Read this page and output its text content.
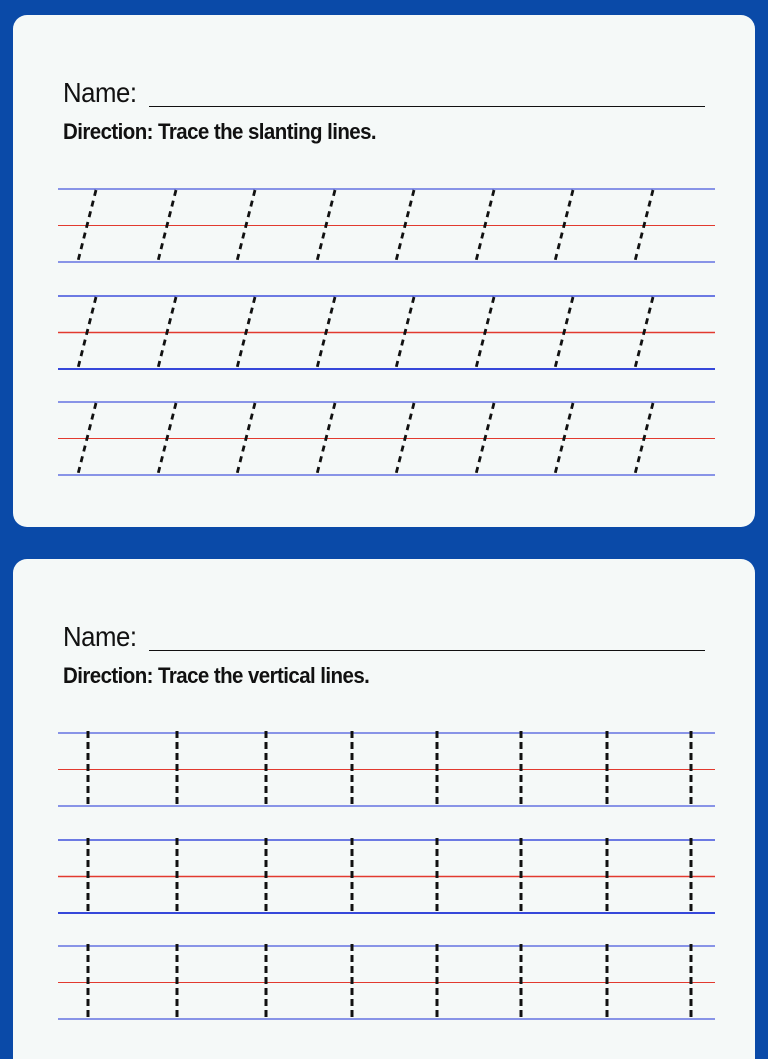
Name:
Direction: Trace the slanting lines.
Name:
Direction: Trace the vertical lines.
